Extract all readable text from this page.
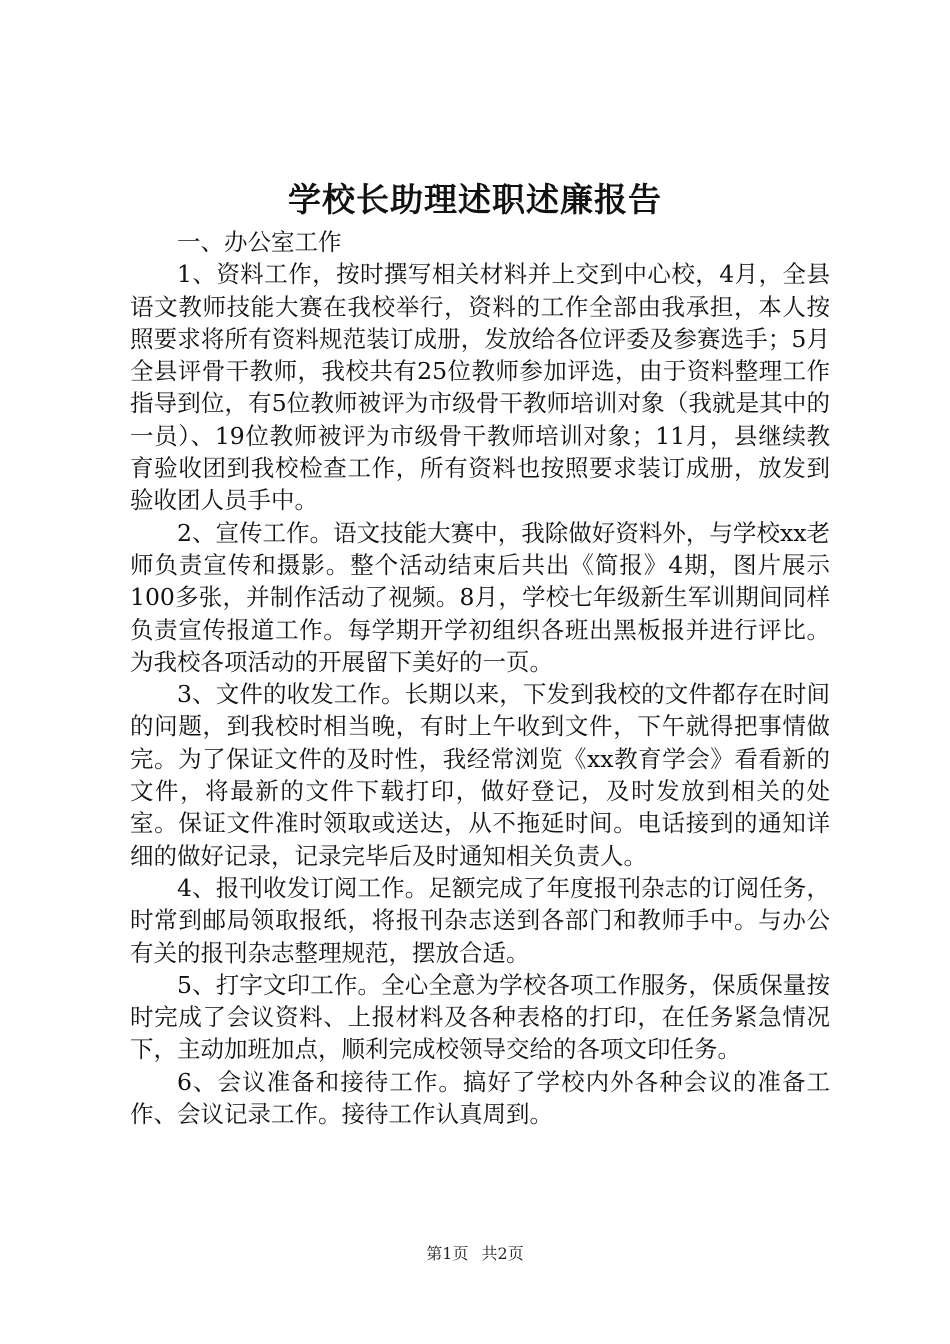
学校长助理述职述廉报告

一、办公室工作

1、资料工作，按时撰写相关材料并上交到中心校，4月，全县语文教师技能大赛在我校举行，资料的工作全部由我承担，本人按照要求将所有资料规范装订成册，发放给各位评委及参赛选手；5月全县评骨干教师，我校共有25位教师参加评选，由于资料整理工作指导到位，有5位教师被评为市级骨干教师培训对象（我就是其中的一员）、19位教师被评为市级骨干教师培训对象；11月，县继续教育验收团到我校检查工作，所有资料也按照要求装订成册，放发到验收团人员手中。

2、宣传工作。语文技能大赛中，我除做好资料外，与学校xx老师负责宣传和摄影。整个活动结束后共出《简报》4期，图片展示100多张，并制作活动了视频。8月，学校七年级新生军训期间同样负责宣传报道工作。每学期开学初组织各班出黑板报并进行评比。为我校各项活动的开展留下美好的一页。

3、文件的收发工作。长期以来，下发到我校的文件都存在时间的问题，到我校时相当晚，有时上午收到文件，下午就得把事情做完。为了保证文件的及时性，我经常浏览《xx教育学会》看看新的文件，将最新的文件下载打印，做好登记，及时发放到相关的处室。保证文件准时领取或送达，从不拖延时间。电话接到的通知详细的做好记录，记录完毕后及时通知相关负责人。

4、报刊收发订阅工作。足额完成了年度报刊杂志的订阅任务，时常到邮局领取报纸，将报刊杂志送到各部门和教师手中。与办公有关的报刊杂志整理规范，摆放合适。

5、打字文印工作。全心全意为学校各项工作服务，保质保量按时完成了会议资料、上报材料及各种表格的打印，在任务紧急情况下，主动加班加点，顺利完成校领导交给的各项文印任务。

6、会议准备和接待工作。搞好了学校内外各种会议的准备工作、会议记录工作。接待工作认真周到。

第1页 共2页
